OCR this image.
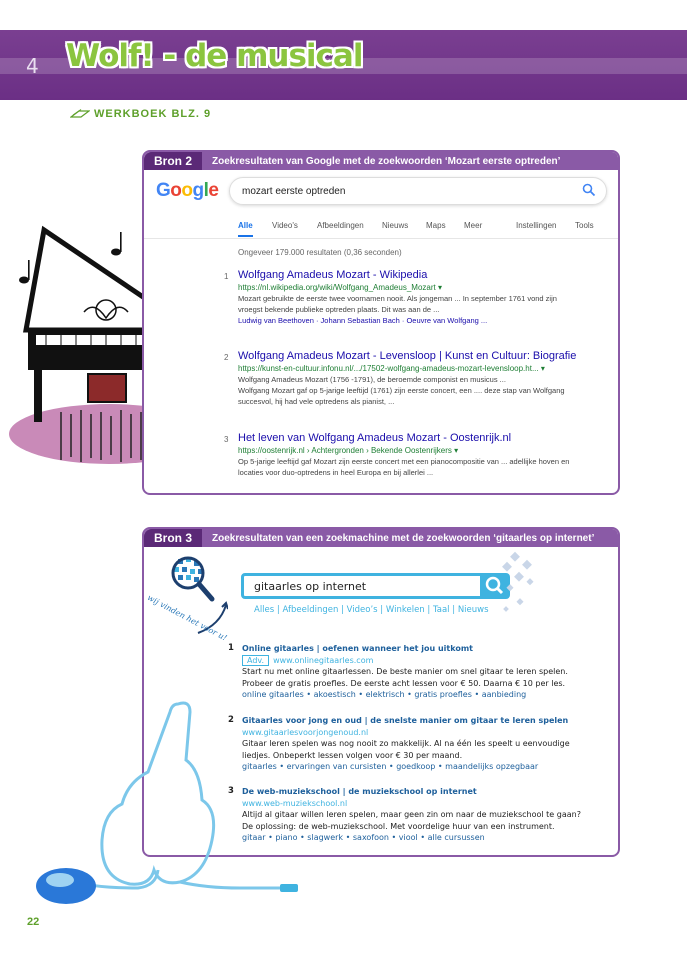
4 Wolf! - de musical
WERKBOEK BLZ. 9
Bron 2	Zoekresultaten van Google met de zoekwoorden ‘Mozart eerste optreden’
Google	mozart eerste optreden
Alle Video's Afbeeldingen Nieuws Maps Meer	Instellingen Tools
Ongeveer 179.000 resultaten (0,36 seconden)
1 Wolfgang Amadeus Mozart - Wikipedia
https://nl.wikipedia.org/wiki/Wolfgang_Amadeus_Mozart ▾
Mozart gebruikte de eerste twee voornamen nooit. Als jongeman ... In september 1761 vond zijn
vroegst bekende publieke optreden plaats. Dit was aan de ...
Ludwig van Beethoven · Johann Sebastian Bach · Oeuvre van Wolfgang ...
2 Wolfgang Amadeus Mozart - Levensloop | Kunst en Cultuur: Biografie
https://kunst-en-cultuur.infonu.nl/.../17502-wolfgang-amadeus-mozart-levensloop.ht... ▾
Wolfgang Amadeus Mozart (1756 -1791), de beroemde componist en musicus ...
Wolfgang Mozart gaf op 5-jarige leeftijd (1761) zijn eerste concert, een .... deze stap van Wolfgang
succesvol, hij had vele optredens als pianist, ...
3 Het leven van Wolfgang Amadeus Mozart - Oostenrijk.nl
https://oostenrijk.nl › Achtergronden › Bekende Oostenrijkers ▾
Op 5-jarige leeftijd gaf Mozart zijn eerste concert met een pianocompositie van ... adellijke hoven en
locaties voor duo-optredens in heel Europa en bij allerlei ...
Bron 3	Zoekresultaten van een zoekmachine met de zoekwoorden ‘gitaarles op internet’
wij vinden het voor u!
gitaarles op internet
Alles | Afbeeldingen | Video’s | Winkelen | Taal | Nieuws
1 Online gitaarles | oefenen wanneer het jou uitkomt
Adv. www.onlinegitaarles.com
Start nu met online gitaarlessen. De beste manier om snel gitaar te leren spelen.
Probeer de gratis proefles. De eerste acht lessen voor € 50. Daarna € 10 per les.
online gitaarles • akoestisch • elektrisch • gratis proefles • aanbieding
2 Gitaarles voor jong en oud | de snelste manier om gitaar te leren spelen
www.gitaarlesvoorjongenoud.nl
Gitaar leren spelen was nog nooit zo makkelijk. Al na één les speelt u eenvoudige
liedjes. Onbeperkt lessen volgen voor € 30 per maand.
gitaarles • ervaringen van cursisten • goedkoop • maandelijks opzegbaar
3 De web-muziekschool | de muziekschool op internet
www.web-muziekschool.nl
Altijd al gitaar willen leren spelen, maar geen zin om naar de muziekschool te gaan?
De oplossing: de web-muziekschool. Met voordelige huur van een instrument.
gitaar • piano • slagwerk • saxofoon • viool • alle cursussen
22
